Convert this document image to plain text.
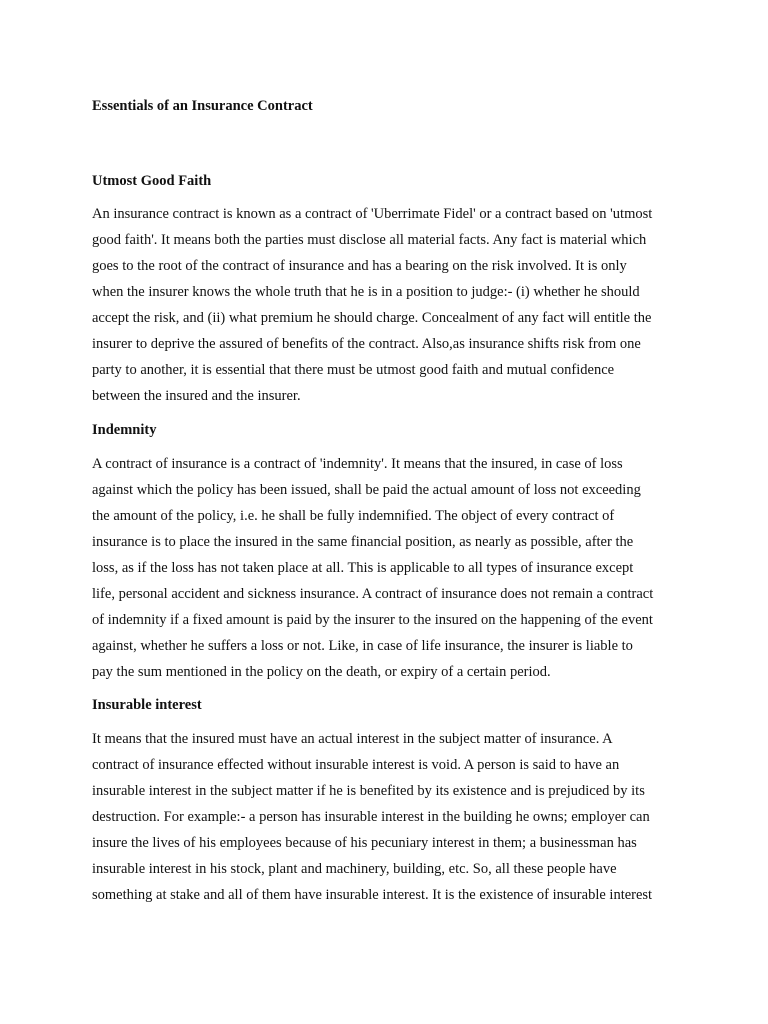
Essentials of an Insurance Contract
Utmost Good Faith
An insurance contract is known as a contract of 'Uberrimate Fidel' or a contract based on 'utmost
good faith'. It means both the parties must disclose all material facts. Any fact is material which
goes to the root of the contract of insurance and has a bearing on the risk involved. It is only
when the insurer knows the whole truth that he is in a position to judge:- (i) whether he should
accept the risk, and (ii) what premium he should charge. Concealment of any fact will entitle the
insurer to deprive the assured of benefits of the contract. Also,as insurance shifts risk from one
party to another, it is essential that there must be utmost good faith and mutual confidence
between the insured and the insurer.
Indemnity
A contract of insurance is a contract of 'indemnity'. It means that the insured, in case of loss
against which the policy has been issued, shall be paid the actual amount of loss not exceeding
the amount of the policy, i.e. he shall be fully indemnified. The object of every contract of
insurance is to place the insured in the same financial position, as nearly as possible, after the
loss, as if the loss has not taken place at all. This is applicable to all types of insurance except
life, personal accident and sickness insurance. A contract of insurance does not remain a contract
of indemnity if a fixed amount is paid by the insurer to the insured on the happening of the event
against, whether he suffers a loss or not. Like, in case of life insurance, the insurer is liable to
pay the sum mentioned in the policy on the death, or expiry of a certain period.
Insurable interest
It means that the insured must have an actual interest in the subject matter of insurance. A
contract of insurance effected without insurable interest is void. A person is said to have an
insurable interest in the subject matter if he is benefited by its existence and is prejudiced by its
destruction. For example:- a person has insurable interest in the building he owns; employer can
insure the lives of his employees because of his pecuniary interest in them; a businessman has
insurable interest in his stock, plant and machinery, building, etc. So, all these people have
something at stake and all of them have insurable interest. It is the existence of insurable interest
